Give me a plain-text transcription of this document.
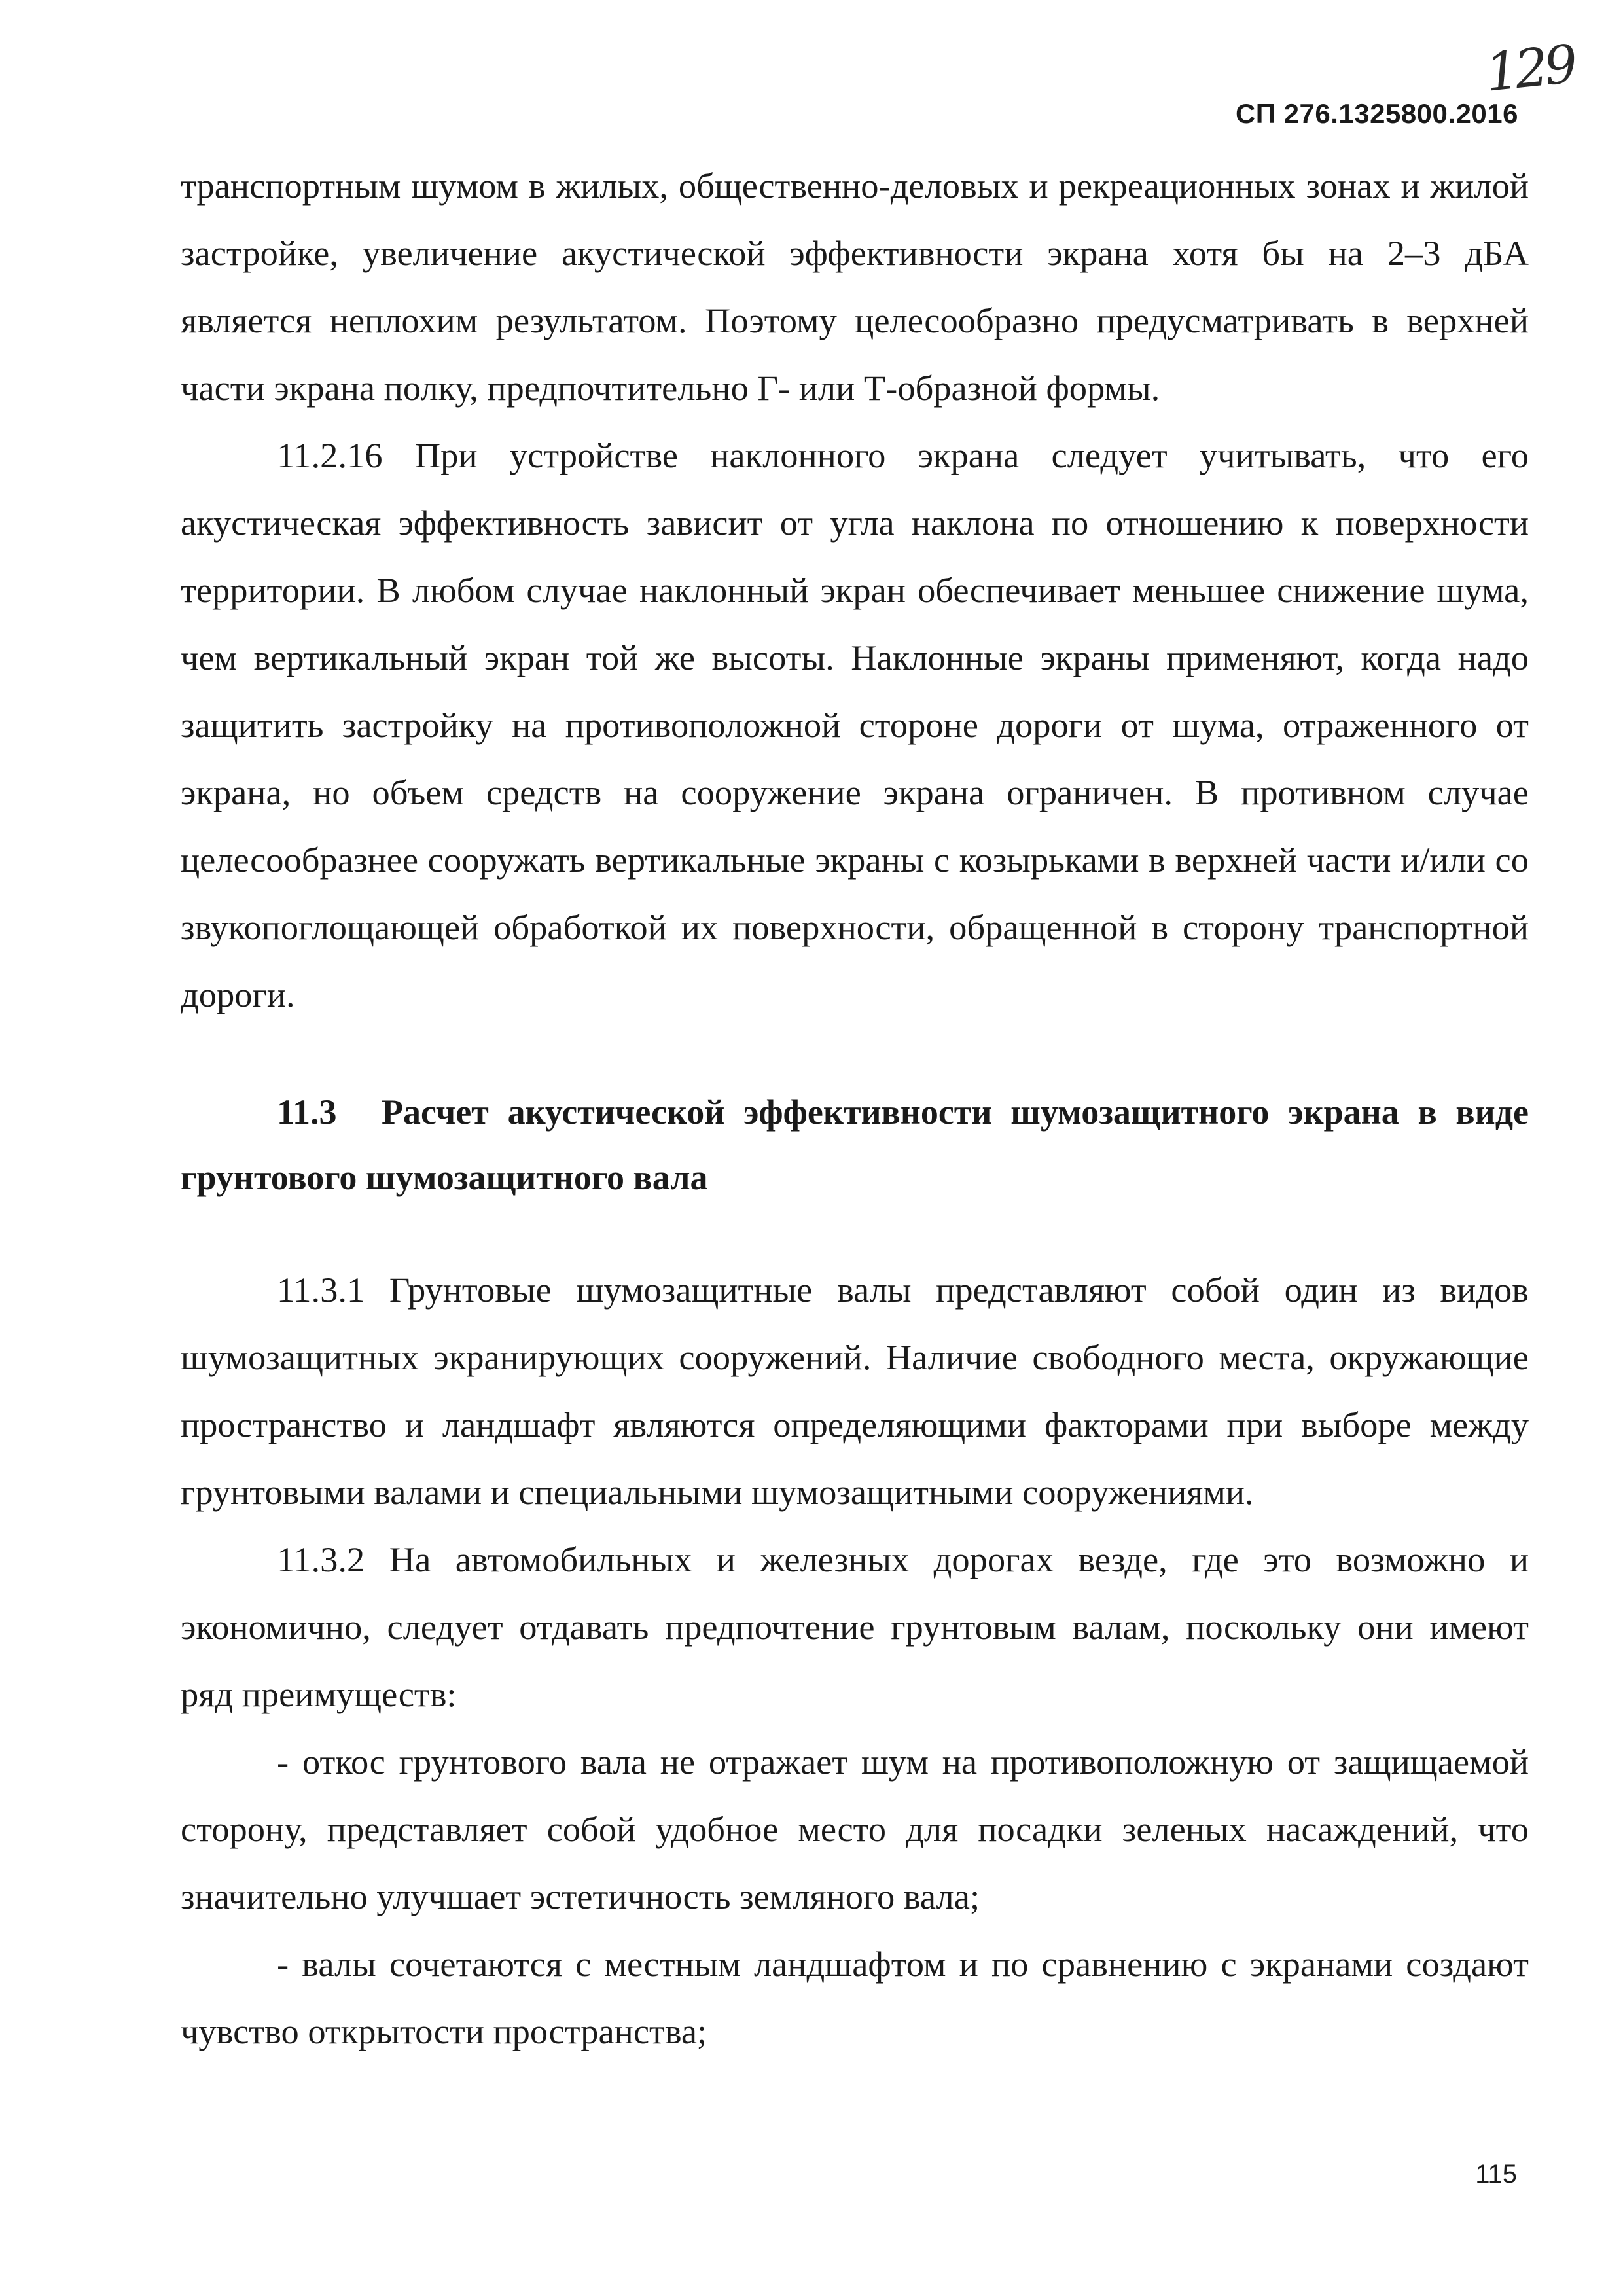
129
СП 276.1325800.2016

транспортным шумом в жилых, общественно-деловых и рекреационных зонах и жилой застройке, увеличение акустической эффективности экрана хотя бы на 2–3 дБА является неплохим результатом. Поэтому целесообразно предусматривать в верхней части экрана полку, предпочтительно Г- или Т-образной формы.

11.2.16 При устройстве наклонного экрана следует учитывать, что его акустическая эффективность зависит от угла наклона по отношению к поверхности территории. В любом случае наклонный экран обеспечивает меньшее снижение шума, чем вертикальный экран той же высоты. Наклонные экраны применяют, когда надо защитить застройку на противоположной стороне дороги от шума, отраженного от экрана, но объем средств на сооружение экрана ограничен. В противном случае целесообразнее сооружать вертикальные экраны с козырьками в верхней части и/или со звукопоглощающей обработкой их поверхности, обращенной в сторону транспортной дороги.

11.3 Расчет акустической эффективности шумозащитного экрана в виде грунтового шумозащитного вала

11.3.1 Грунтовые шумозащитные валы представляют собой один из видов шумозащитных экранирующих сооружений. Наличие свободного места, окружающие пространство и ландшафт являются определяющими факторами при выборе между грунтовыми валами и специальными шумозащитными сооружениями.

11.3.2 На автомобильных и железных дорогах везде, где это возможно и экономично, следует отдавать предпочтение грунтовым валам, поскольку они имеют ряд преимуществ:

- откос грунтового вала не отражает шум на противоположную от защищаемой сторону, представляет собой удобное место для посадки зеленых насаждений, что значительно улучшает эстетичность земляного вала;

- валы сочетаются с местным ландшафтом и по сравнению с экранами создают чувство открытости пространства;

115
